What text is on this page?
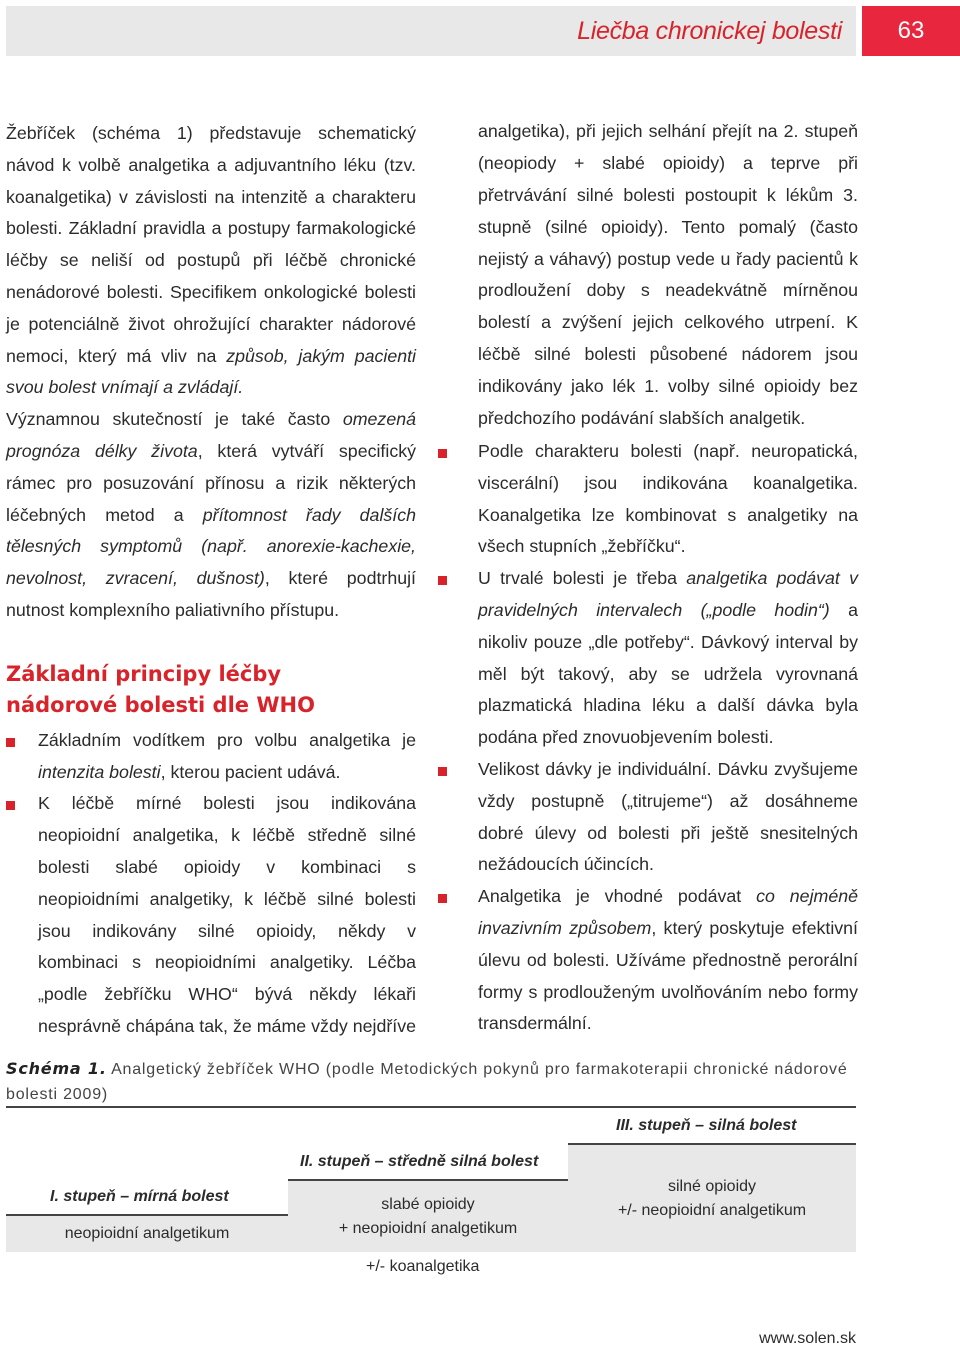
Liečba chronickej bolesti	63

Žebříček (schéma 1) představuje schematický návod k volbě analgetika a adjuvantního léku (tzv. koanalgetika) v závislosti na intenzitě a charakteru bolesti. Základní pravidla a postupy farmakologické léčby se neliší od postupů při léčbě chronické nenádorové bolesti. Specifikem onkologické bolesti je potenciálně život ohrožující charakter nádorové nemoci, který má vliv na způsob, jakým pacienti svou bolest vnímají a zvládají.

Významnou skutečností je také často omezená prognóza délky života, která vytváří specifický rámec pro posuzování přínosu a rizik některých léčebných metod a přítomnost řady dalších tělesných symptomů (např. anorexie-kachexie, nevolnost, zvracení, dušnost), které podtrhují nutnost komplexního paliativního přístupu.

Základní principy léčby
nádorové bolesti dle WHO
Základním vodítkem pro volbu analgetika je intenzita bolesti, kterou pacient udává.
K léčbě mírné bolesti jsou indikována neopioidní analgetika, k léčbě středně silné bolesti slabé opioidy v kombinaci s neopioidními analgetiky, k léčbě silné bolesti jsou indikovány silné opioidy, někdy v kombinaci s neopioidními analgetiky. Léčba „podle žebříčku WHO“ bývá někdy lékaři nesprávně chápána tak, že máme vždy nejdříve
analgetika), při jejich selhání přejít na 2. stupeň (neopiody + slabé opioidy) a teprve při přetrvávání silné bolesti postoupit k lékům 3. stupně (silné opioidy). Tento pomalý (často nejistý a váhavý) postup vede u řady pacientů k prodloužení doby s neadekvátně mírněnou bolestí a zvýšení jejich celkového utrpení. K léčbě silné bolesti působené nádorem jsou indikovány jako lék 1. volby silné opioidy bez předchozího podávání slabších analgetik.
Podle charakteru bolesti (např. neuropatická, viscerální) jsou indikována koanalgetika. Koanalgetika lze kombinovat s analgetiky na všech stupních „žebříčku“.
U trvalé bolesti je třeba analgetika podávat v pravidelných intervalech („podle hodin“) a nikoliv pouze „dle potřeby“. Dávkový interval by měl být takový, aby se udržela vyrovnaná plazmatická hladina léku a další dávka byla podána před znovuobjevením bolesti.
Velikost dávky je individuální. Dávku zvyšujeme vždy postupně („titrujeme“) až dosáhneme dobré úlevy od bolesti při ještě snesitelných nežádoucích účincích.
Analgetika je vhodné podávat co nejméně invazivním způsobem, který poskytuje efektivní úlevu od bolesti. Užíváme přednostně perorální formy s prodlouženým uvolňováním nebo formy transdermální.
Schéma 1. Analgetický žebříček WHO (podle Metodických pokynů pro farmakoterapii chronické nádorové bolesti 2009)
I. stupeň – mírná bolest
neopioidní analgetikum
II. stupeň – středně silná bolest
slabé opioidy
+ neopioidní analgetikum
III. stupeň – silná bolest
silné opioidy
+/- neopioidní analgetikum
+/- koanalgetika
www.solen.sk
